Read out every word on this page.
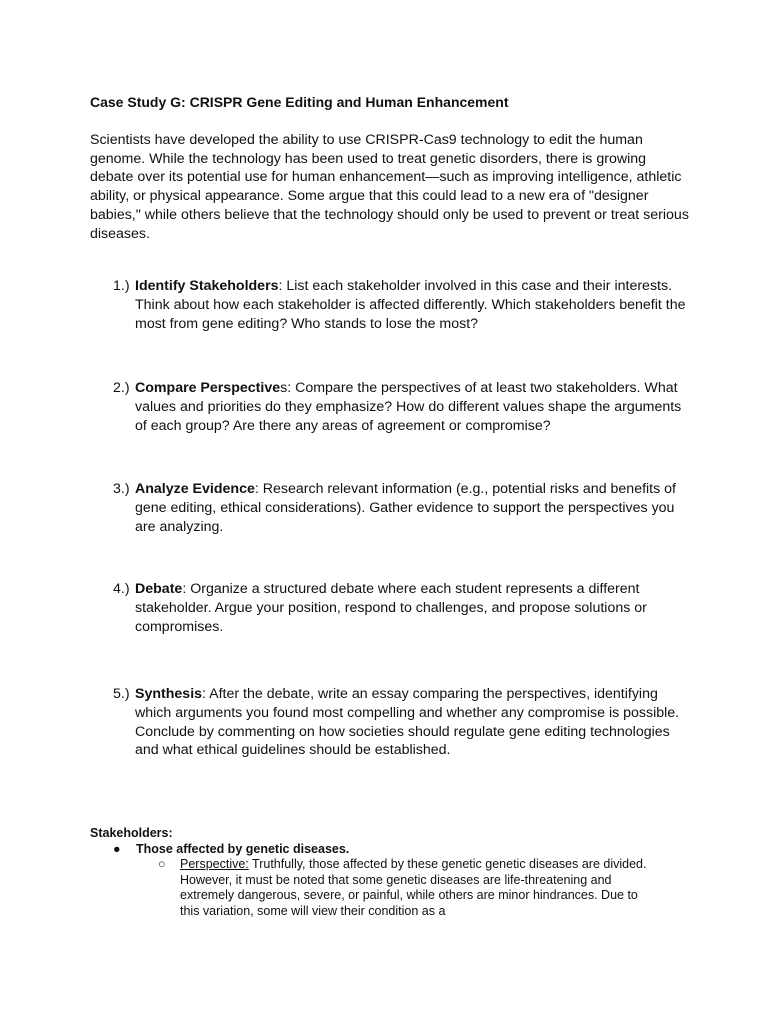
Case Study G: CRISPR Gene Editing and Human Enhancement
Scientists have developed the ability to use CRISPR-Cas9 technology to edit the human genome. While the technology has been used to treat genetic disorders, there is growing debate over its potential use for human enhancement—such as improving intelligence, athletic ability, or physical appearance. Some argue that this could lead to a new era of "designer babies," while others believe that the technology should only be used to prevent or treat serious diseases.
1.) Identify Stakeholders: List each stakeholder involved in this case and their interests. Think about how each stakeholder is affected differently. Which stakeholders benefit the most from gene editing? Who stands to lose the most?
2.) Compare Perspectives: Compare the perspectives of at least two stakeholders. What values and priorities do they emphasize? How do different values shape the arguments of each group? Are there any areas of agreement or compromise?
3.) Analyze Evidence: Research relevant information (e.g., potential risks and benefits of gene editing, ethical considerations). Gather evidence to support the perspectives you are analyzing.
4.) Debate: Organize a structured debate where each student represents a different stakeholder. Argue your position, respond to challenges, and propose solutions or compromises.
5.) Synthesis: After the debate, write an essay comparing the perspectives, identifying which arguments you found most compelling and whether any compromise is possible. Conclude by commenting on how societies should regulate gene editing technologies and what ethical guidelines should be established.
Stakeholders:
● Those affected by genetic diseases.
○ Perspective: Truthfully, those affected by these genetic genetic diseases are divided. However, it must be noted that some genetic diseases are life-threatening and extremely dangerous, severe, or painful, while others are minor hindrances. Due to this variation, some will view their condition as a
